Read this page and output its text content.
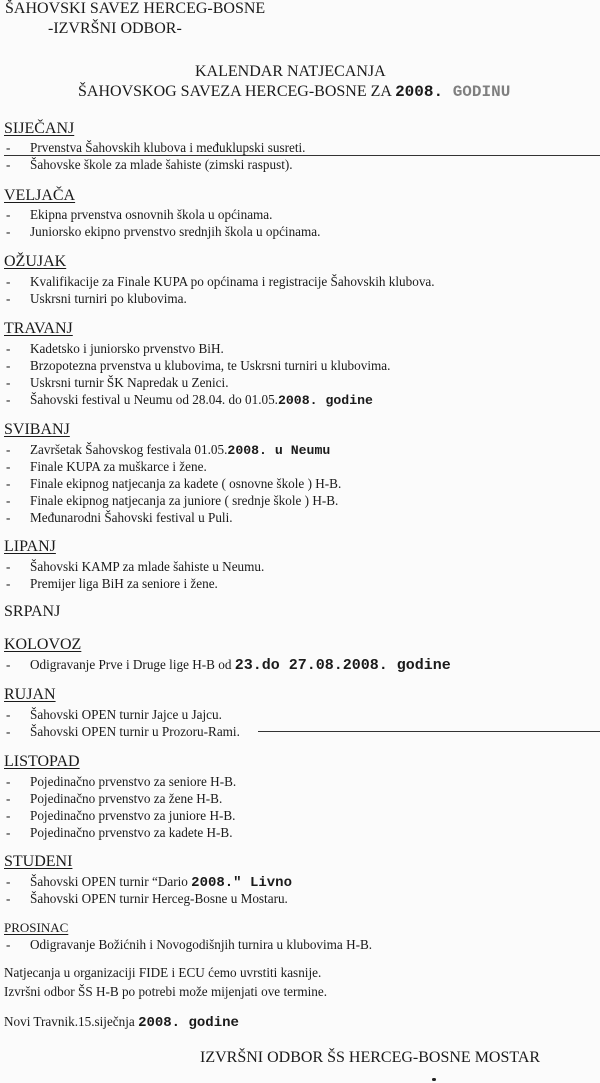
ŠAHOVSKI SAVEZ HERCEG-BOSNE
-IZVRŠNI ODBOR-
KALENDAR NATJECANJA
ŠAHOVSKOG SAVEZA HERCEG-BOSNE ZA 2008. GODINU
SIJEČANJ
- Prvenstva Šahovskih klubova i međuklupski susreti.
- Šahovske škole za mlade šahiste (zimski raspust).
VELJAČA
- Ekipna prvenstva osnovnih škola u općinama.
- Juniorsko ekipno prvenstvo srednjih škola u općinama.
OŽUJAK
- Kvalifikacije za Finale KUPA po općinama i registracije Šahovskih klubova.
- Uskrsni turniri po klubovima.
TRAVANJ
- Kadetsko i juniorsko prvenstvo BiH.
- Brzopotezna prvenstva u klubovima, te Uskrsni turniri u klubovima.
- Uskrsni turnir ŠK Napredak u Zenici.
- Šahovski festival u Neumu od 28.04. do 01.05.2008. godine
SVIBANJ
- Završetak Šahovskog festivala 01.05.2008. u Neumu
- Finale KUPA za muškarce i žene.
- Finale ekipnog natjecanja za kadete ( osnovne škole ) H-B.
- Finale ekipnog natjecanja za juniore ( srednje škole ) H-B.
- Međunarodni Šahovski festival u Puli.
LIPANJ
- Šahovski KAMP za mlade šahiste u Neumu.
- Premijer liga BiH za seniore i žene.
SRPANJ
KOLOVOZ
- Odigravanje Prve i Druge lige H-B od 23.do 27.08.2008. godine
RUJAN
- Šahovski OPEN turnir Jajce u Jajcu.
- Šahovski OPEN turnir u Prozoru-Rami.
LISTOPAD
- Pojedinačno prvenstvo za seniore H-B.
- Pojedinačno prvenstvo za žene H-B.
- Pojedinačno prvenstvo za juniore H-B.
- Pojedinačno prvenstvo za kadete H-B.
STUDENI
- Šahovski OPEN turnir “Dario 2008." Livno
- Šahovski OPEN turnir Herceg-Bosne u Mostaru.
PROSINAC
- Odigravanje Božićnih i Novogodišnjih turnira u klubovima H-B.
Natjecanja u organizaciji FIDE i ECU ćemo uvrstiti kasnije.
Izvršni odbor ŠS H-B po potrebi može mijenjati ove termine.
Novi Travnik.15.siječnja 2008. godine
IZVRŠNI ODBOR ŠS HERCEG-BOSNE MOSTAR
